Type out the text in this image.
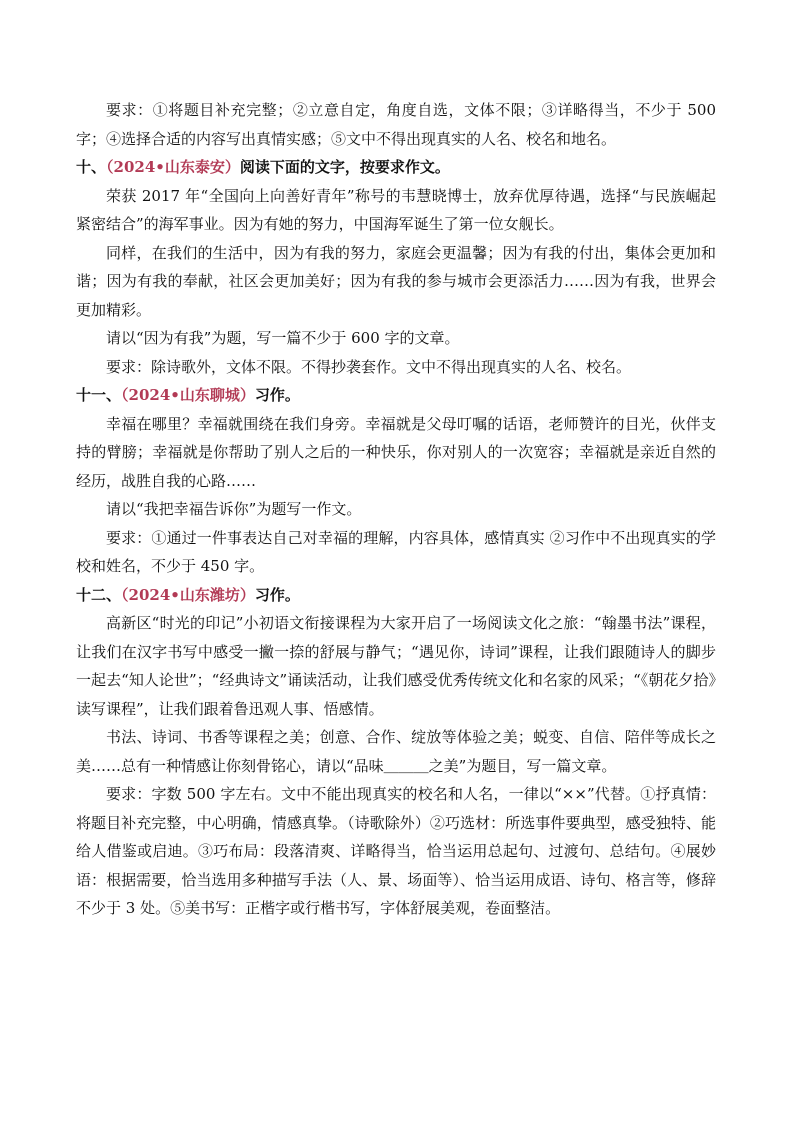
要求：①将题目补充完整；②立意自定，角度自选，文体不限；③详略得当，不少于 500 字；④选择合适的内容写出真情实感；⑤文中不得出现真实的人名、校名和地名。

十、（2024•山东泰安）阅读下面的文字，按要求作文。

荣获 2017 年“全国向上向善好青年”称号的韦慧晓博士，放弃优厚待遇，选择“与民族崛起紧密结合”的海军事业。因为有她的努力，中国海军诞生了第一位女舰长。

同样，在我们的生活中，因为有我的努力，家庭会更温馨；因为有我的付出，集体会更加和谐；因为有我的奉献，社区会更加美好；因为有我的参与城市会更添活力……因为有我，世界会更加精彩。

请以“因为有我”为题，写一篇不少于 600 字的文章。

要求：除诗歌外，文体不限。不得抄袭套作。文中不得出现真实的人名、校名。

十一、（2024•山东聊城）习作。

幸福在哪里？幸福就围绕在我们身旁。幸福就是父母叮嘱的话语，老师赞许的目光，伙伴支持的臂膀；幸福就是你帮助了别人之后的一种快乐，你对别人的一次宽容；幸福就是亲近自然的经历，战胜自我的心路……

请以“我把幸福告诉你”为题写一作文。

要求：①通过一件事表达自己对幸福的理解，内容具体，感情真实 ②习作中不出现真实的学校和姓名，不少于 450 字。

十二、（2024•山东潍坊）习作。

高新区“时光的印记”小初语文衔接课程为大家开启了一场阅读文化之旅：“翰墨书法”课程，让我们在汉字书写中感受一撇一捺的舒展与静气；“遇见你，诗词”课程，让我们跟随诗人的脚步一起去“知人论世”；“经典诗文”诵读活动，让我们感受优秀传统文化和名家的风采；“《朝花夕拾》读写课程”，让我们跟着鲁迅观人事、悟感情。

书法、诗词、书香等课程之美；创意、合作、绽放等体验之美；蜕变、自信、陪伴等成长之美……总有一种情感让你刻骨铭心，请以“品味＿＿＿之美”为题目，写一篇文章。

要求：字数 500 字左右。文中不能出现真实的校名和人名，一律以“××”代替。①抒真情：将题目补充完整，中心明确，情感真挚。（诗歌除外）②巧选材：所选事件要典型，感受独特、能给人借鉴或启迪。③巧布局：段落清爽、详略得当，恰当运用总起句、过渡句、总结句。④展妙语：根据需要，恰当选用多种描写手法（人、景、场面等）、恰当运用成语、诗句、格言等，修辞不少于 3 处。⑤美书写：正楷字或行楷书写，字体舒展美观，卷面整洁。
